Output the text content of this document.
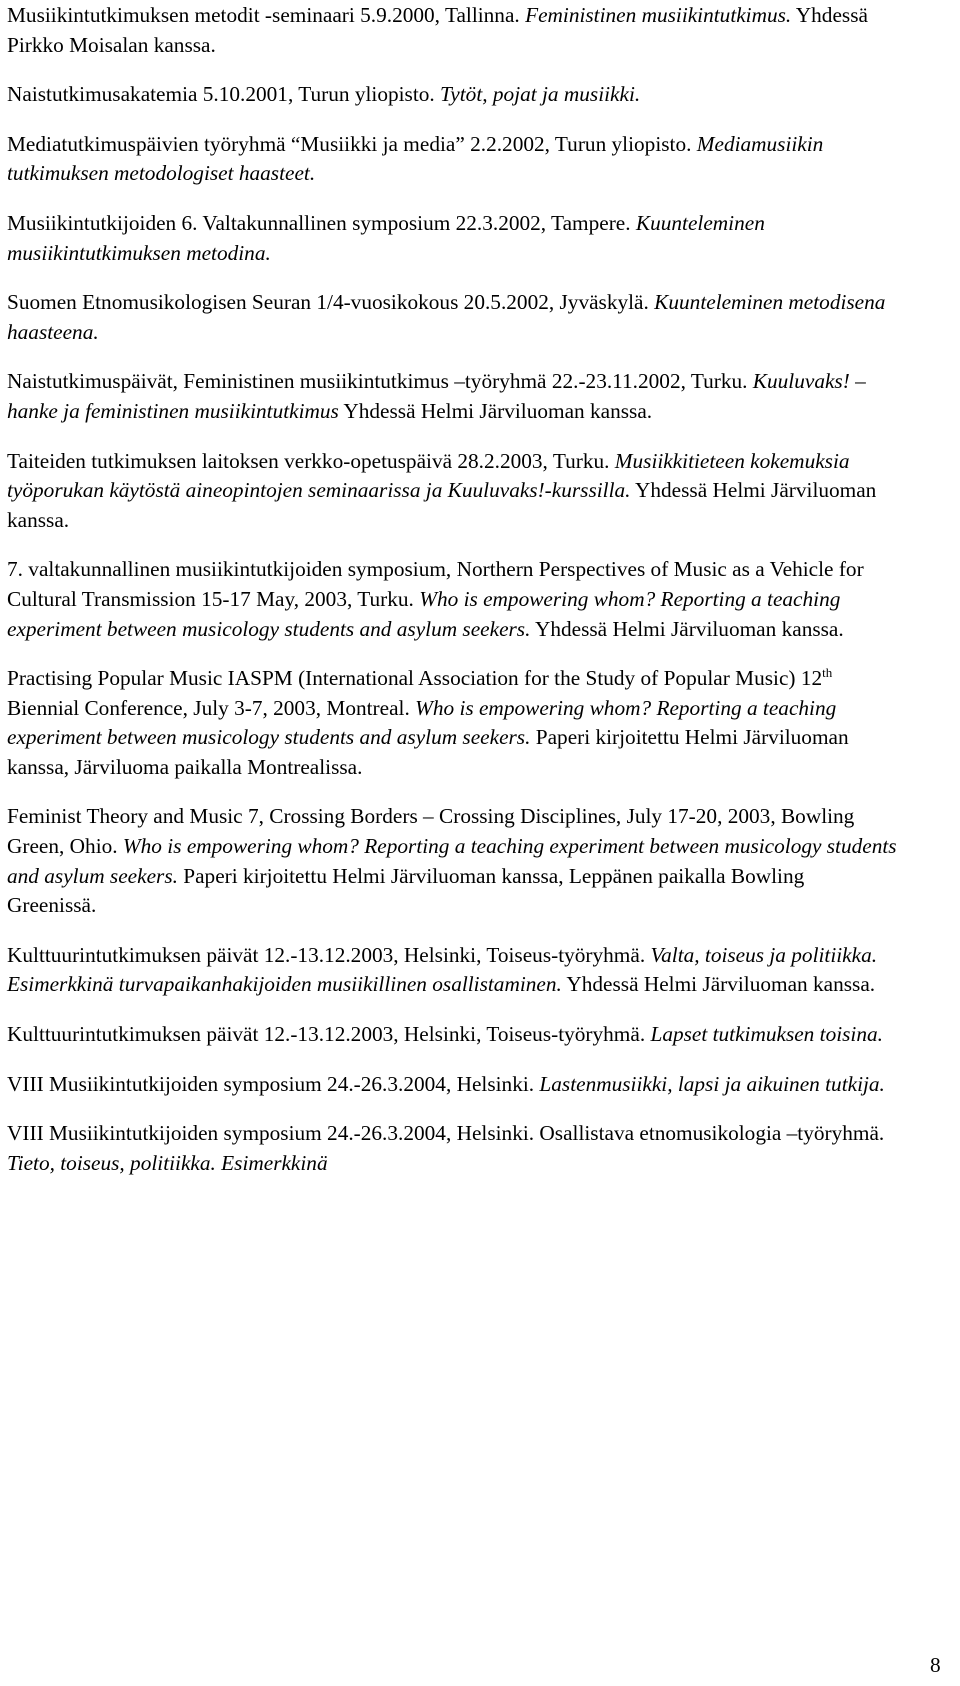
Musiikintutkimuksen metodit -seminaari 5.9.2000, Tallinna. Feministinen musiikintutkimus. Yhdessä Pirkko Moisalan kanssa.

Naistutkimusakatemia 5.10.2001, Turun yliopisto. Tytöt, pojat ja musiikki.

Mediatutkimuspäivien työryhmä “Musiikki ja media” 2.2.2002, Turun yliopisto. Mediamusiikin tutkimuksen metodologiset haasteet.

Musiikintutkijoiden 6. Valtakunnallinen symposium 22.3.2002, Tampere. Kuunteleminen musiikintutkimuksen metodina.

Suomen Etnomusikologisen Seuran 1/4-vuosikokous 20.5.2002, Jyväskylä. Kuunteleminen metodisena haasteena.

Naistutkimuspäivät, Feministinen musiikintutkimus –työryhmä 22.-23.11.2002, Turku. Kuuluvaks! –hanke ja feministinen musiikintutkimus Yhdessä Helmi Järviluoman kanssa.

Taiteiden tutkimuksen laitoksen verkko-opetuspäivä 28.2.2003, Turku. Musiikkitieteen kokemuksia työporukan käytöstä aineopintojen seminaarissa ja Kuuluvaks!-kurssilla. Yhdessä Helmi Järviluoman kanssa.

7. valtakunnallinen musiikintutkijoiden symposium, Northern Perspectives of Music as a Vehicle for Cultural Transmission 15-17 May, 2003, Turku. Who is empowering whom? Reporting a teaching experiment between musicology students and asylum seekers. Yhdessä Helmi Järviluoman kanssa.

Practising Popular Music IASPM (International Association for the Study of Popular Music) 12th Biennial Conference, July 3-7, 2003, Montreal. Who is empowering whom? Reporting a teaching experiment between musicology students and asylum seekers. Paperi kirjoitettu Helmi Järviluoman kanssa, Järviluoma paikalla Montrealissa.

Feminist Theory and Music 7, Crossing Borders – Crossing Disciplines, July 17-20, 2003, Bowling Green, Ohio. Who is empowering whom? Reporting a teaching experiment between musicology students and asylum seekers. Paperi kirjoitettu Helmi Järviluoman kanssa, Leppänen paikalla Bowling Greenissä.

Kulttuurintutkimuksen päivät 12.-13.12.2003, Helsinki, Toiseus-työryhmä. Valta, toiseus ja politiikka. Esimerkkinä turvapaikanhakijoiden musiikillinen osallistaminen. Yhdessä Helmi Järviluoman kanssa.

Kulttuurintutkimuksen päivät 12.-13.12.2003, Helsinki, Toiseus-työryhmä. Lapset tutkimuksen toisina.

VIII Musiikintutkijoiden symposium 24.-26.3.2004, Helsinki. Lastenmusiikki, lapsi ja aikuinen tutkija.

VIII Musiikintutkijoiden symposium 24.-26.3.2004, Helsinki. Osallistava etnomusikologia –työryhmä. Tieto, toiseus, politiikka. Esimerkkinä

8
